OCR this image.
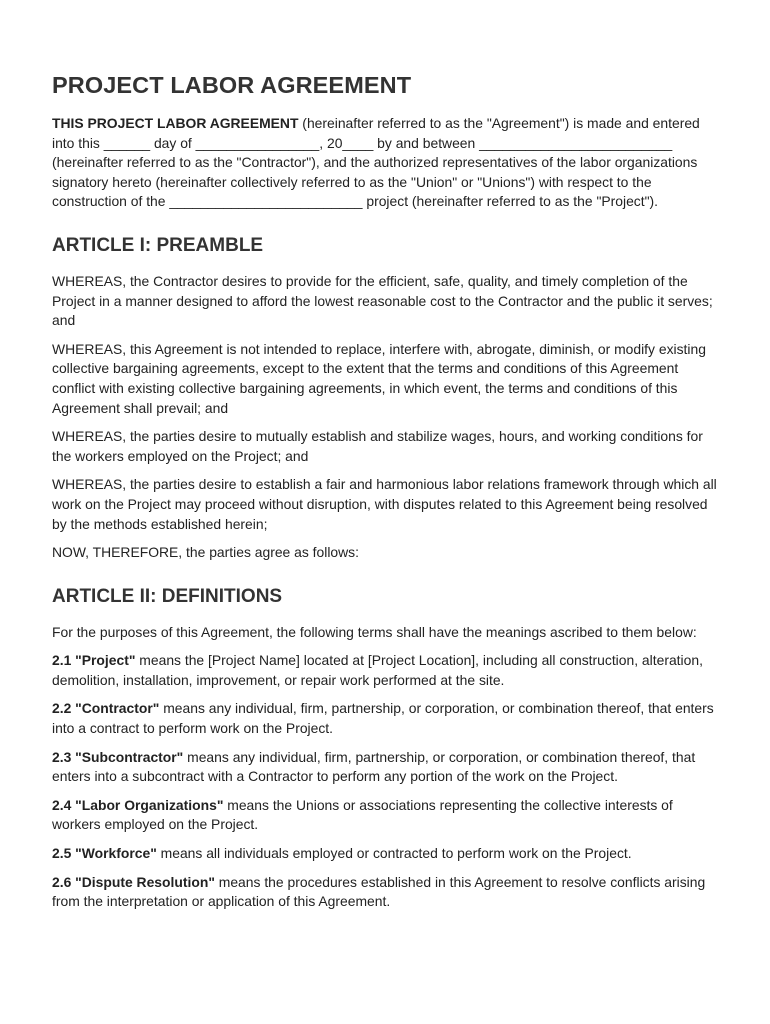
PROJECT LABOR AGREEMENT

THIS PROJECT LABOR AGREEMENT (hereinafter referred to as the "Agreement") is made and entered into this ______ day of ________________, 20____ by and between _________________________ (hereinafter referred to as the "Contractor"), and the authorized representatives of the labor organizations signatory hereto (hereinafter collectively referred to as the "Union" or "Unions") with respect to the construction of the _________________________ project (hereinafter referred to as the "Project").

ARTICLE I: PREAMBLE

WHEREAS, the Contractor desires to provide for the efficient, safe, quality, and timely completion of the Project in a manner designed to afford the lowest reasonable cost to the Contractor and the public it serves; and

WHEREAS, this Agreement is not intended to replace, interfere with, abrogate, diminish, or modify existing collective bargaining agreements, except to the extent that the terms and conditions of this Agreement conflict with existing collective bargaining agreements, in which event, the terms and conditions of this Agreement shall prevail; and

WHEREAS, the parties desire to mutually establish and stabilize wages, hours, and working conditions for the workers employed on the Project; and

WHEREAS, the parties desire to establish a fair and harmonious labor relations framework through which all work on the Project may proceed without disruption, with disputes related to this Agreement being resolved by the methods established herein;

NOW, THEREFORE, the parties agree as follows:

ARTICLE II: DEFINITIONS

For the purposes of this Agreement, the following terms shall have the meanings ascribed to them below:

2.1 "Project" means the [Project Name] located at [Project Location], including all construction, alteration, demolition, installation, improvement, or repair work performed at the site.

2.2 "Contractor" means any individual, firm, partnership, or corporation, or combination thereof, that enters into a contract to perform work on the Project.

2.3 "Subcontractor" means any individual, firm, partnership, or corporation, or combination thereof, that enters into a subcontract with a Contractor to perform any portion of the work on the Project.

2.4 "Labor Organizations" means the Unions or associations representing the collective interests of workers employed on the Project.

2.5 "Workforce" means all individuals employed or contracted to perform work on the Project.

2.6 "Dispute Resolution" means the procedures established in this Agreement to resolve conflicts arising from the interpretation or application of this Agreement.
